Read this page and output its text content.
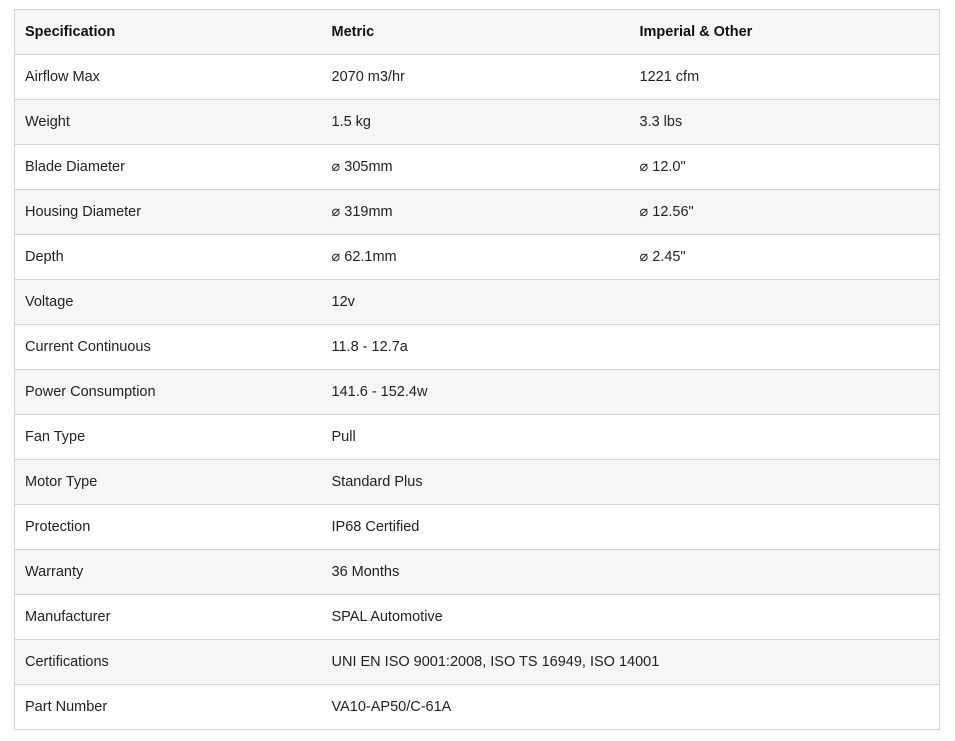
Specification	Metric	Imperial & Other
Airflow Max	2070 m3/hr	1221 cfm
Weight	1.5 kg	3.3 lbs
Blade Diameter	⌀ 305mm	⌀ 12.0"
Housing Diameter	⌀ 319mm	⌀ 12.56"
Depth	⌀ 62.1mm	⌀ 2.45"
Voltage	12v	
Current Continuous	11.8 - 12.7a	
Power Consumption	141.6 - 152.4w	
Fan Type	Pull	
Motor Type	Standard Plus	
Protection	IP68 Certified	
Warranty	36 Months	
Manufacturer	SPAL Automotive	
Certifications	UNI EN ISO 9001:2008, ISO TS 16949, ISO 14001	
Part Number	VA10-AP50/C-61A	
